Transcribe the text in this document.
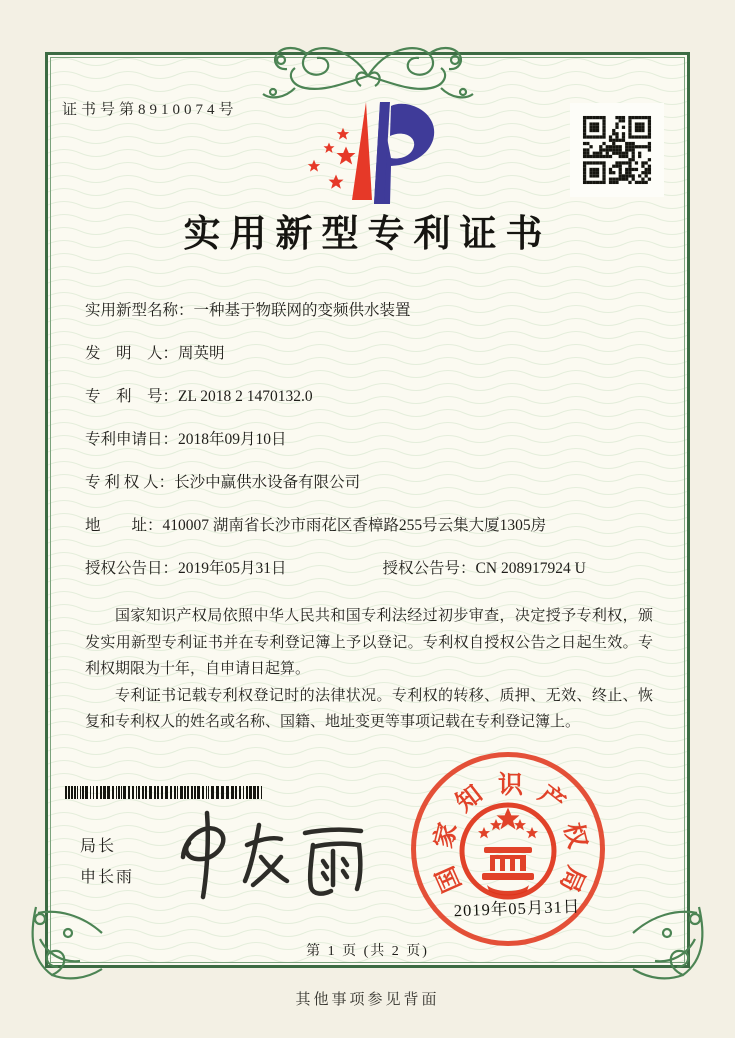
证书号第8910074号
实用新型专利证书
实用新型名称： 一种基于物联网的变频供水装置
发　明　人： 周英明
专　利　号： ZL 2018 2 1470132.0
专利申请日： 2018年09月10日
专 利 权 人： 长沙中赢供水设备有限公司
地　　址： 410007 湖南省长沙市雨花区香樟路255号云集大厦1305房
授权公告日： 2019年05月31日	授权公告号： CN 208917924 U

国家知识产权局依照中华人民共和国专利法经过初步审查，决定授予专利权，颁发实用新型专利证书并在专利登记簿上予以登记。专利权自授权公告之日起生效。专利权期限为十年，自申请日起算。

专利证书记载专利权登记时的法律状况。专利权的转移、质押、无效、终止、恢复和专利权人的姓名或名称、国籍、地址变更等事项记载在专利登记簿上。

局长
申长雨	国
家
知 识 产
权
局
2019年05月31日
第 1 页 (共 2 页)
其他事项参见背面
